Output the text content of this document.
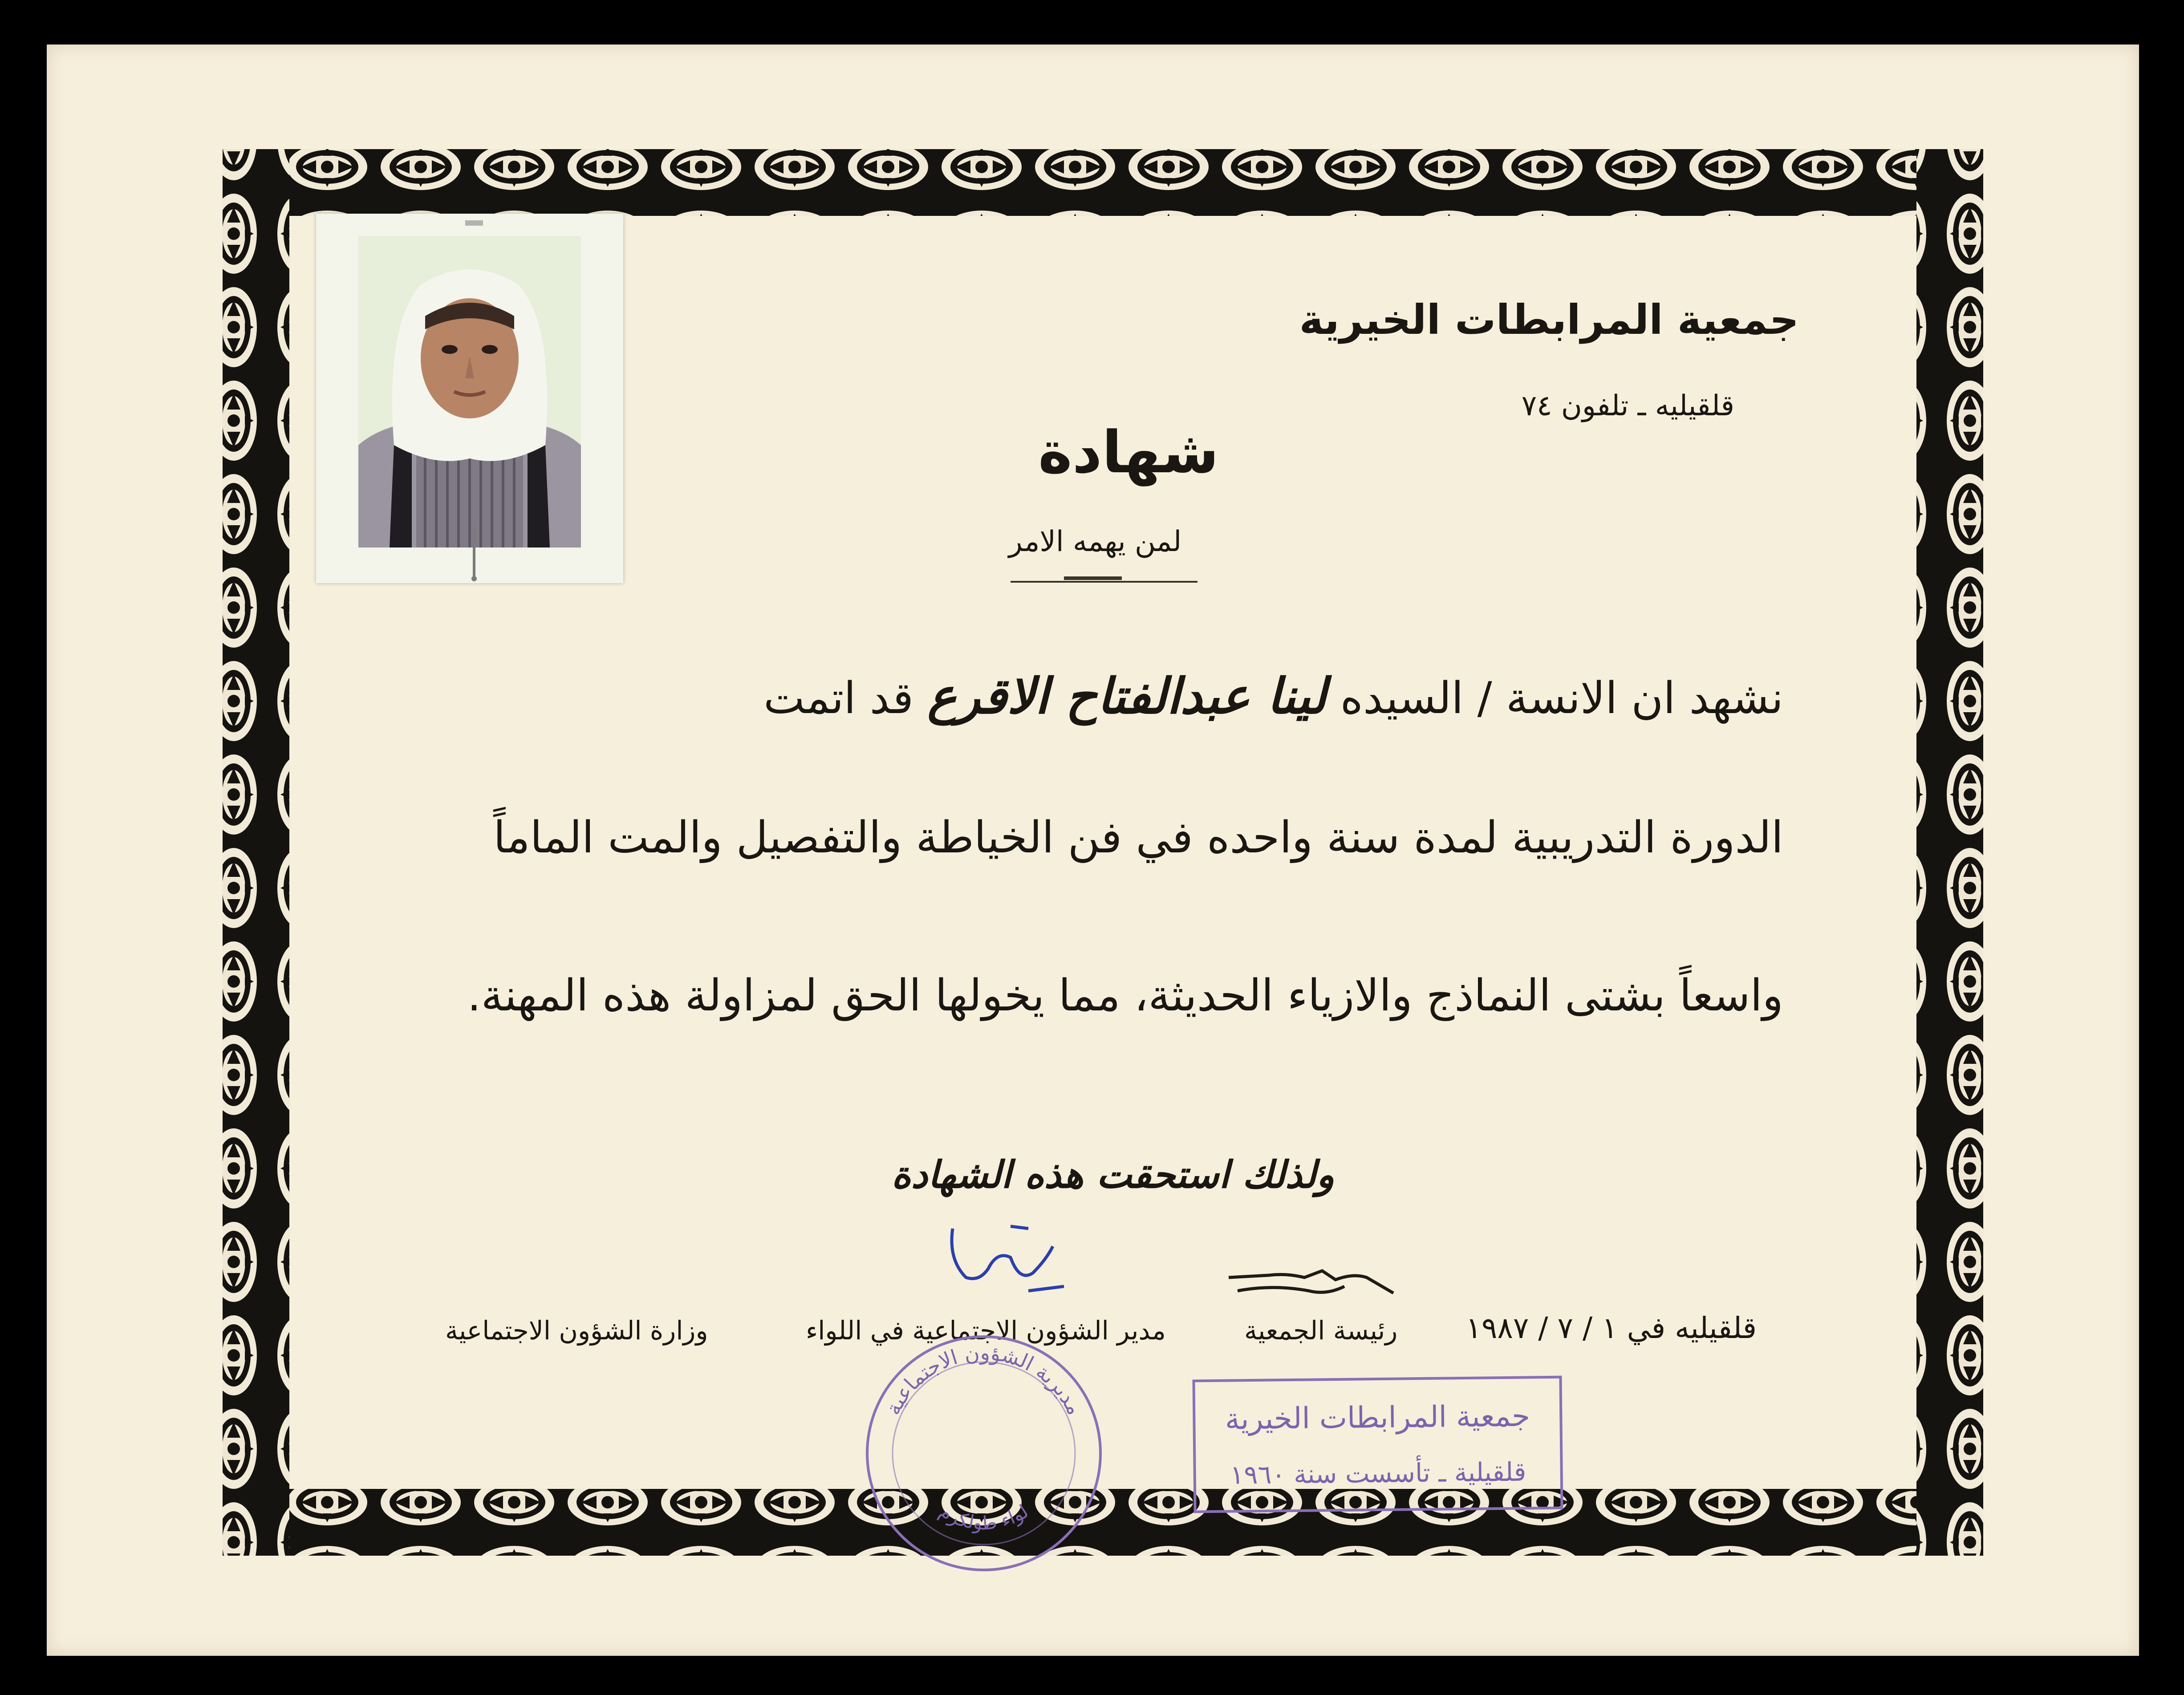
جمعية المرابطات الخيرية
قلقيليه ـ تلفون ٧٤
شهادة
لمن يهمه الامر
نشهد ان الانسة / السيده لينا عبدالفتاح الاقرع قد اتمت
الدورة التدريبية لمدة سنة واحده في فن الخياطة والتفصيل والمت الماماً
واسعاً بشتى النماذج والازياء الحديثة، مما يخولها الحق لمزاولة هذه المهنة.
ولذلك استحقت هذه الشهادة
قلقيليه في ١ / ٧ / ١٩٨٧
رئيسة الجمعية
مدير الشؤون الاجتماعية في اللواء
وزارة الشؤون الاجتماعية
مديرية الشؤون الاجتماعية
لواء طولكرم
جمعية المرابطات الخيرية
قلقيلية ـ تأسست سنة ١٩٦٠
